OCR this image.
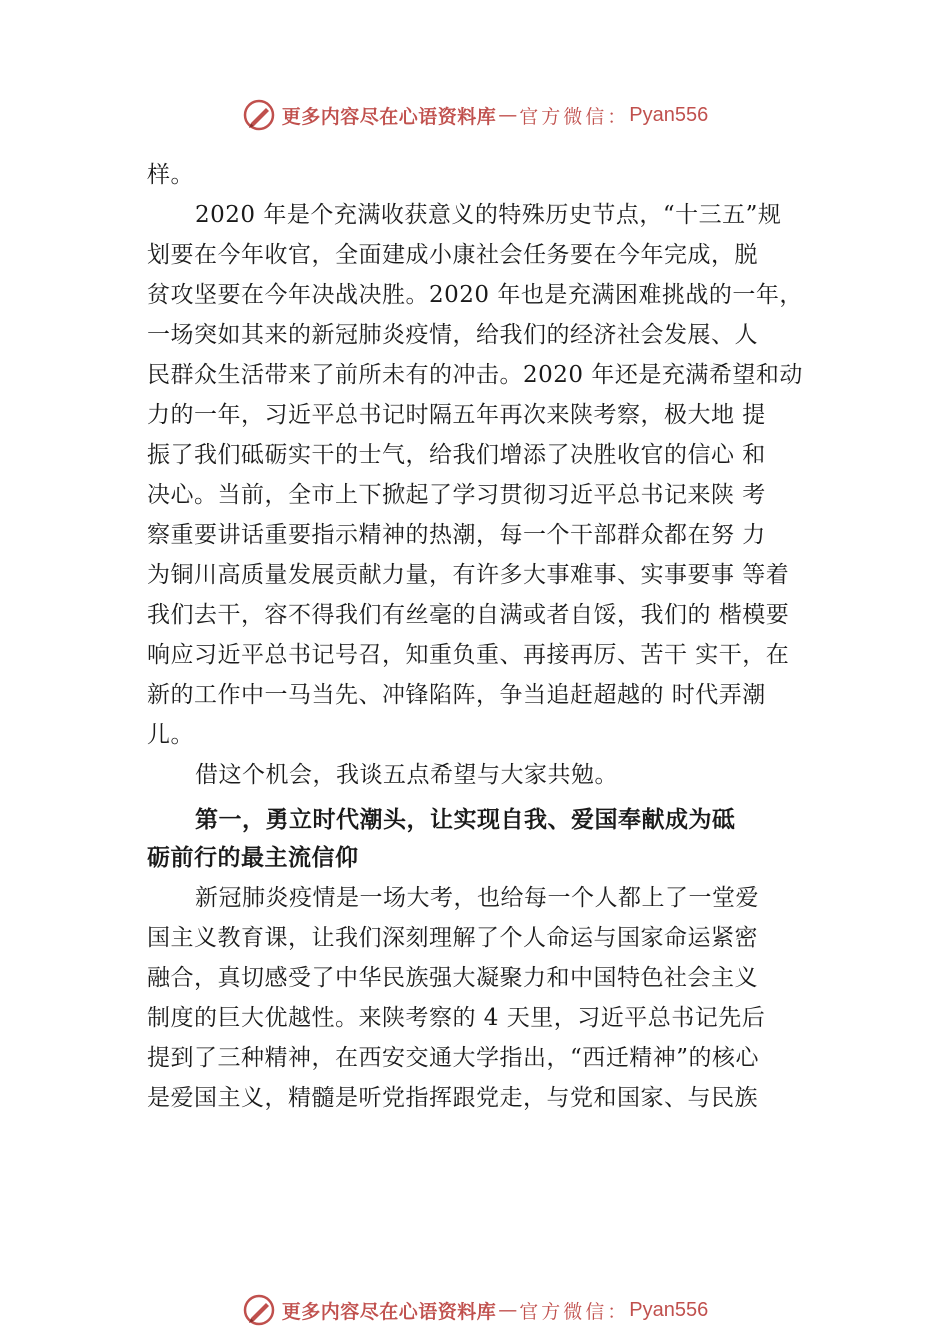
更多内容尽在心语资料库 — 官方微信： Pyan556
样。
2020 年是个充满收获意义的特殊历史节点，“十三五”规
划要在今年收官，全面建成小康社会任务要在今年完成，脱
贫攻坚要在今年决战决胜。2020 年也是充满困难挑战的一年，
一场突如其来的新冠肺炎疫情，给我们的经济社会发展、人
民群众生活带来了前所未有的冲击。2020 年还是充满希望和动
力的一年，习近平总书记时隔五年再次来陕考察，极大地 提
振了我们砥砺实干的士气，给我们增添了决胜收官的信心 和
决心。当前，全市上下掀起了学习贯彻习近平总书记来陕 考
察重要讲话重要指示精神的热潮，每一个干部群众都在努 力
为铜川高质量发展贡献力量，有许多大事难事、实事要事 等着
我们去干，容不得我们有丝毫的自满或者自馁，我们的 楷模要
响应习近平总书记号召，知重负重、再接再厉、苦干 实干，在
新的工作中一马当先、冲锋陷阵，争当追赶超越的 时代弄潮
儿。
借这个机会，我谈五点希望与大家共勉。
第一，勇立时代潮头，让实现自我、爱国奉献成为砥
砺前行的最主流信仰
新冠肺炎疫情是一场大考，也给每一个人都上了一堂爱
国主义教育课，让我们深刻理解了个人命运与国家命运紧密
融合，真切感受了中华民族强大凝聚力和中国特色社会主义
制度的巨大优越性。来陕考察的 4 天里，习近平总书记先后
提到了三种精神，在西安交通大学指出，“西迁精神”的核心
是爱国主义，精髓是听党指挥跟党走，与党和国家、与民族
更多内容尽在心语资料库 — 官方微信： Pyan556
